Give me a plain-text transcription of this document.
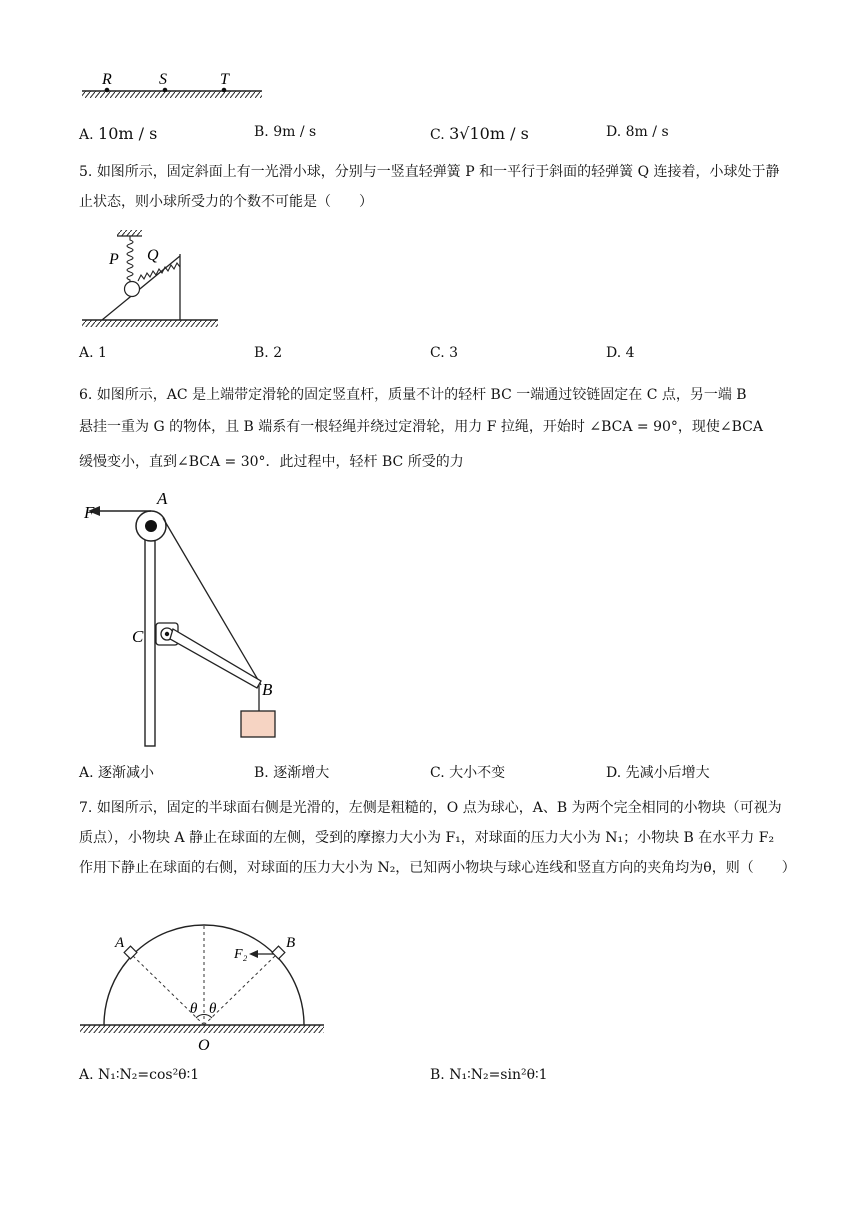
R	S	T
A. 10m / s	B. 9m / s	C. 3√10m / s	D. 8m / s
5. 如图所示，固定斜面上有一光滑小球，分别与一竖直轻弹簧 P 和一平行于斜面的轻弹簧 Q 连接着，小球处于静止状态，则小球所受力的个数不可能是（　　）
P Q
A. 1	B. 2	C. 3	D. 4
6. 如图所示，AC 是上端带定滑轮的固定竖直杆，质量不计的轻杆 BC 一端通过铰链固定在 C 点，另一端 B
悬挂一重为 G 的物体，且 B 端系有一根轻绳并绕过定滑轮，用力 F 拉绳，开始时 ∠BCA = 90°，现使∠BCA
缓慢变小，直到∠BCA = 30°．此过程中，轻杆 BC 所受的力
F
A
C
B
A. 逐渐减小	B. 逐渐增大	C. 大小不变	D. 先减小后增大
7. 如图所示，固定的半球面右侧是光滑的，左侧是粗糙的，O 点为球心，A、B 为两个完全相同的小物块（可视为质点），小物块 A 静止在球面的左侧，受到的摩擦力大小为 F₁，对球面的压力大小为 N₁；小物块 B 在水平力 F₂ 作用下静止在球面的右侧，对球面的压力大小为 N₂，已知两小物块与球心连线和竖直方向的夹角均为θ，则（　　）
A	B
F₂
θ θ
O
A. N₁∶N₂=cos²θ∶1	B. N₁∶N₂=sin²θ∶1
